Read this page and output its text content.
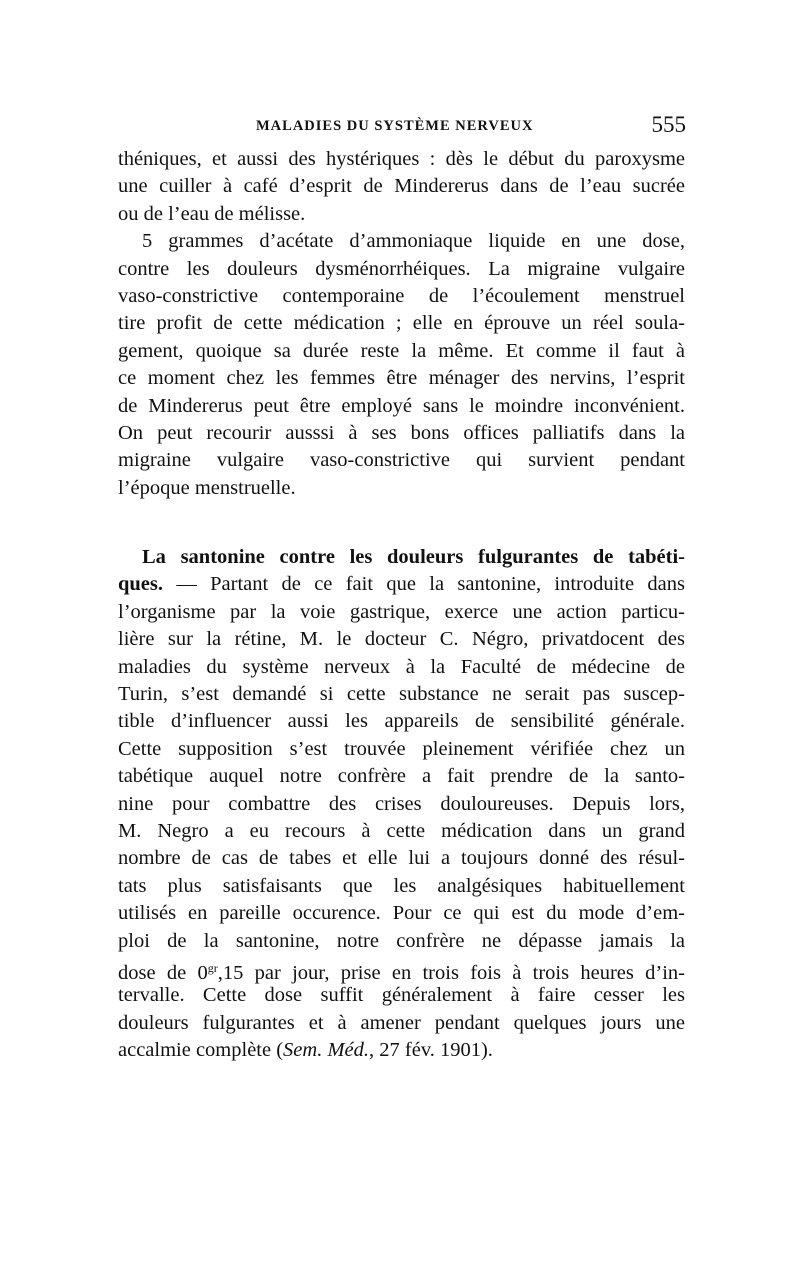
MALADIES DU SYSTÈME NERVEUX	555
théniques, et aussi des hystériques : dès le début du paroxysme
une cuiller à café d’esprit de Mindererus dans de l’eau sucrée
ou de l’eau de mélisse.
5 grammes d’acétate d’ammoniaque liquide en une dose,
contre les douleurs dysménorrhéiques. La migraine vulgaire
vaso-constrictive contemporaine de l’écoulement menstruel
tire profit de cette médication ; elle en éprouve un réel soula-
gement, quoique sa durée reste la même. Et comme il faut à
ce moment chez les femmes être ménager des nervins, l’esprit
de Mindererus peut être employé sans le moindre inconvénient.
On peut recourir ausssi à ses bons offices palliatifs dans la
migraine vulgaire vaso-constrictive qui survient pendant
l’époque menstruelle.
La santonine contre les douleurs fulgurantes de tabéti-
ques. — Partant de ce fait que la santonine, introduite dans
l’organisme par la voie gastrique, exerce une action particu-
lière sur la rétine, M. le docteur C. Négro, privatdocent des
maladies du système nerveux à la Faculté de médecine de
Turin, s’est demandé si cette substance ne serait pas suscep-
tible d’influencer aussi les appareils de sensibilité générale.
Cette supposition s’est trouvée pleinement vérifiée chez un
tabétique auquel notre confrère a fait prendre de la santo-
nine pour combattre des crises douloureuses. Depuis lors,
M. Negro a eu recours à cette médication dans un grand
nombre de cas de tabes et elle lui a toujours donné des résul-
tats plus satisfaisants que les analgésiques habituellement
utilisés en pareille occurence. Pour ce qui est du mode d’em-
ploi de la santonine, notre confrère ne dépasse jamais la
dose de $0^{gr},15$ par jour, prise en trois fois à trois heures d’in-
tervalle. Cette dose suffit généralement à faire cesser les
douleurs fulgurantes et à amener pendant quelques jours une
accalmie complète (Sem. Méd., 27 fév. 1901).
